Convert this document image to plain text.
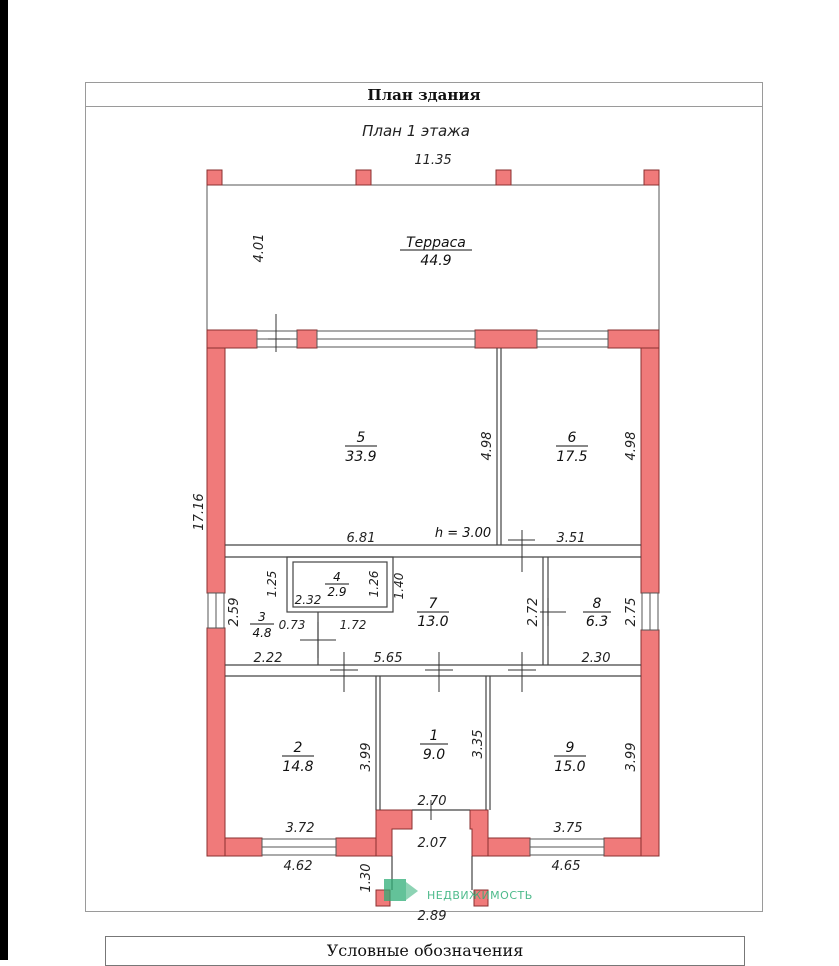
План здания
План 1 этажа
Терраса
44.9
5
33.9
6
17.5
4
2.9
3
4.8
7
13.0
8
6.3
2
14.8
1
9.0	9
15.0
h = 3.00
11.35
6.81	3.51
2.32
0.73	1.72
2.22	5.65	2.30
2.70
3.72
2.07
3.75
4.62	4.65
2.89
4.01
17.16
4.98	4.98
1.25	1.26 1.40
2.59	2.72	2.75
3.99	3.35	3.99
1.30
НЕДВИЖИМОСТЬ
Условные обозначения
